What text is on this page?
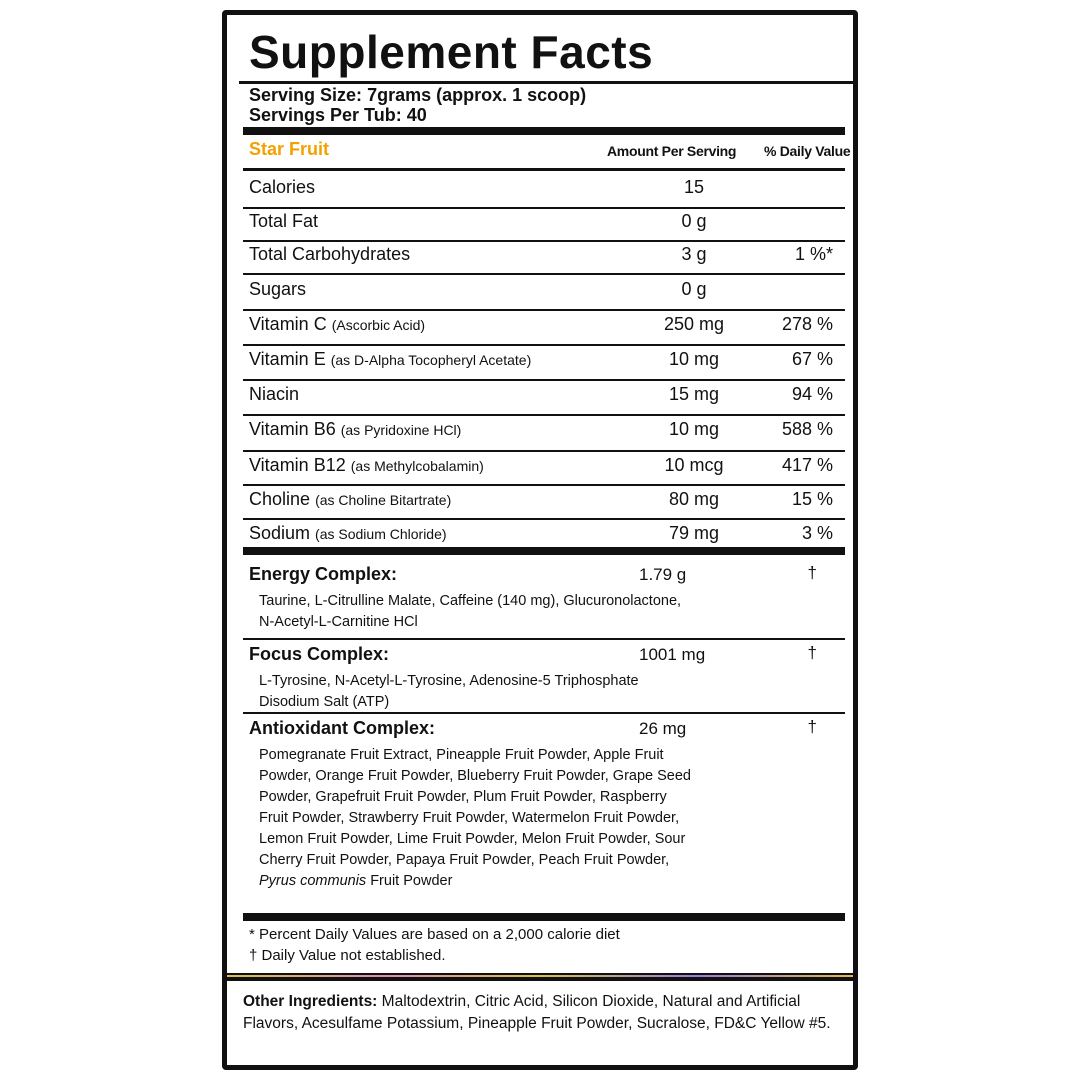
Supplement Facts
Serving Size: 7grams (approx. 1 scoop)
Servings Per Tub: 40
Star Fruit	Amount Per Serving % Daily Value
Calories	15
Total Fat	0 g
Total Carbohydrates	3 g	1 %*
Sugars	0 g
Vitamin C (Ascorbic Acid)	250 mg	278 %
Vitamin E (as D-Alpha Tocopheryl Acetate)	10 mg	67 %
Niacin	15 mg	94 %
Vitamin B6 (as Pyridoxine HCl)	10 mg	588 %
Vitamin B12 (as Methylcobalamin)	10 mcg	417 %
Choline (as Choline Bitartrate)	80 mg	15 %
Sodium (as Sodium Chloride)	79 mg	3 %
Energy Complex:	1.79 g	†
Taurine, L-Citrulline Malate, Caffeine (140 mg), Glucuronolactone, N-Acetyl-L-Carnitine HCl
Focus Complex:	1001 mg	†
L-Tyrosine, N-Acetyl-L-Tyrosine, Adenosine-5 Triphosphate Disodium Salt (ATP)
Antioxidant Complex:	26 mg	†
Pomegranate Fruit Extract, Pineapple Fruit Powder, Apple Fruit Powder, Orange Fruit Powder, Blueberry Fruit Powder, Grape Seed Powder, Grapefruit Fruit Powder, Plum Fruit Powder, Raspberry Fruit Powder, Strawberry Fruit Powder, Watermelon Fruit Powder, Lemon Fruit Powder, Lime Fruit Powder, Melon Fruit Powder, Sour Cherry Fruit Powder, Papaya Fruit Powder, Peach Fruit Powder, Pyrus communis Fruit Powder
* Percent Daily Values are based on a 2,000 calorie diet
† Daily Value not established.
Other Ingredients: Maltodextrin, Citric Acid, Silicon Dioxide, Natural and Artificial Flavors, Acesulfame Potassium, Pineapple Fruit Powder, Sucralose, FD&C Yellow #5.
